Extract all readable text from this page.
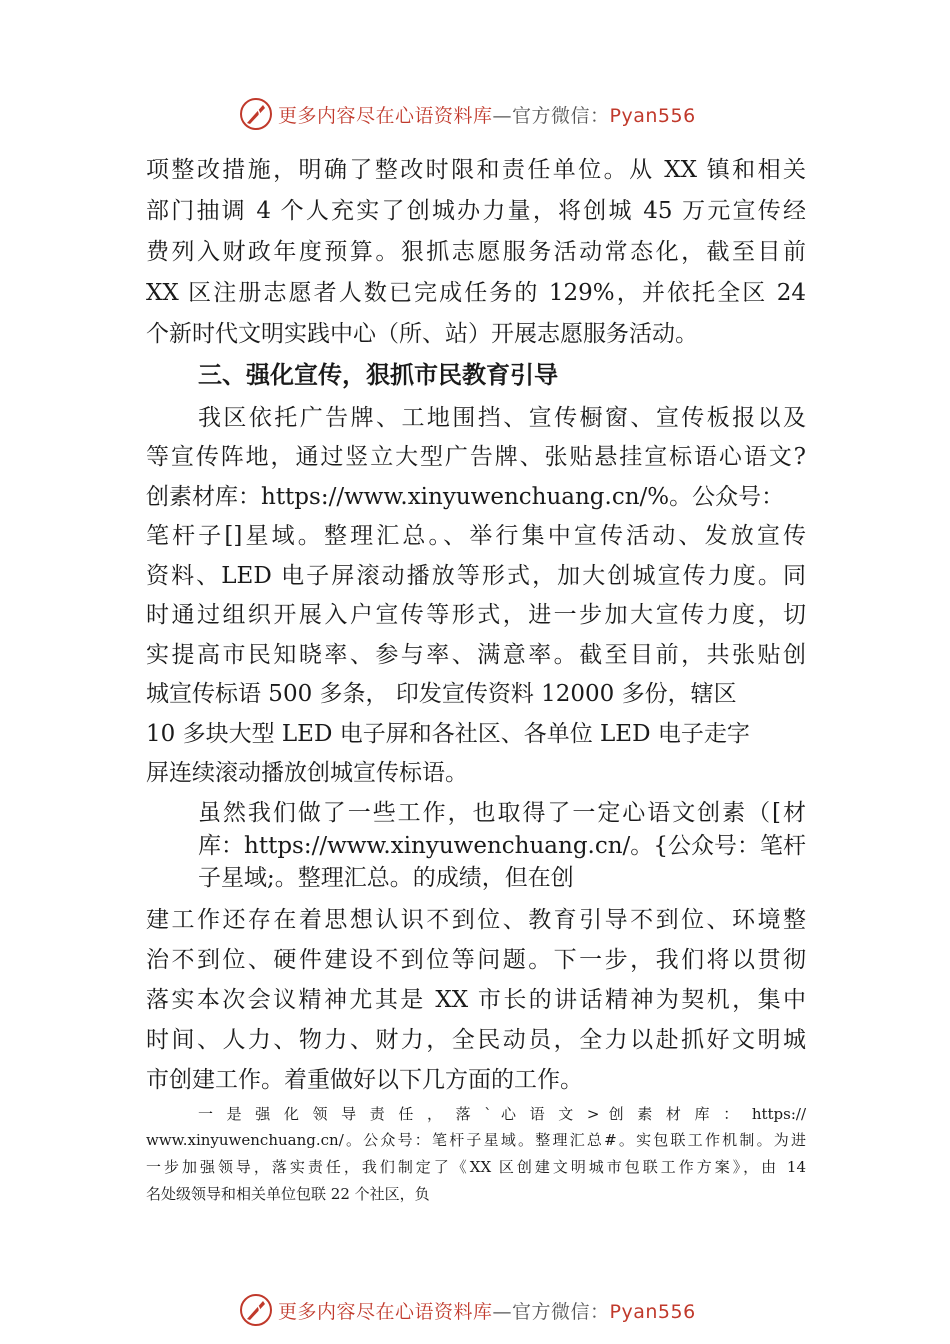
更多内容尽在心语资料库—官方微信：Pyan556
项整改措施，明确了整改时限和责任单位。从 XX 镇和相关
部门抽调 4 个人充实了创城办力量，将创城 45 万元宣传经
费列入财政年度预算。狠抓志愿服务活动常态化，截至目前
XX 区注册志愿者人数已完成任务的 129%，并依托全区 24
个新时代文明实践中心（所、站）开展志愿服务活动。
三、强化宣传，狠抓市民教育引导
我区依托广告牌、工地围挡、宣传橱窗、宣传板报以及
等宣传阵地，通过竖立大型广告牌、张贴悬挂宣标语心语文?
创素材库：https://www.xinyuwenchuang.cn/%。公众号：
笔杆子[]星域。整理汇总。、举行集中宣传活动、发放宣传
资料、LED 电子屏滚动播放等形式，加大创城宣传力度。同
时通过组织开展入户宣传等形式，进一步加大宣传力度，切
实提高市民知晓率、参与率、满意率。截至目前，共张贴创
城宣传标语 500 多条， 印发宣传资料 12000 多份，辖区
10 多块大型 LED 电子屏和各社区、各单位 LED 电子走字
屏连续滚动播放创城宣传标语。
虽然我们做了一些工作，也取得了一定心语文创素（[材
库：https://www.xinyuwenchuang.cn/。{公众号：笔杆
子星域;。整理汇总。的成绩，但在创
建工作还存在着思想认识不到位、教育引导不到位、环境整
治不到位、硬件建设不到位等问题。下一步，我们将以贯彻
落实本次会议精神尤其是 XX 市长的讲话精神为契机，集中
时间、人力、物力、财力，全民动员，全力以赴抓好文明城
市创建工作。着重做好以下几方面的工作。
一 是 强 化 领 导 责 任 ， 落 ` 心 语 文 > 创 素 材 库 ： https://
www.xinyuwenchuang.cn/。公众号：笔杆子星域。整理汇总#。实包联工作机制。为进
一步加强领导，落实责任，我们制定了《XX 区创建文明城市包联工作方案》，由 14
名处级领导和相关单位包联 22 个社区，负
更多内容尽在心语资料库—官方微信：Pyan556
